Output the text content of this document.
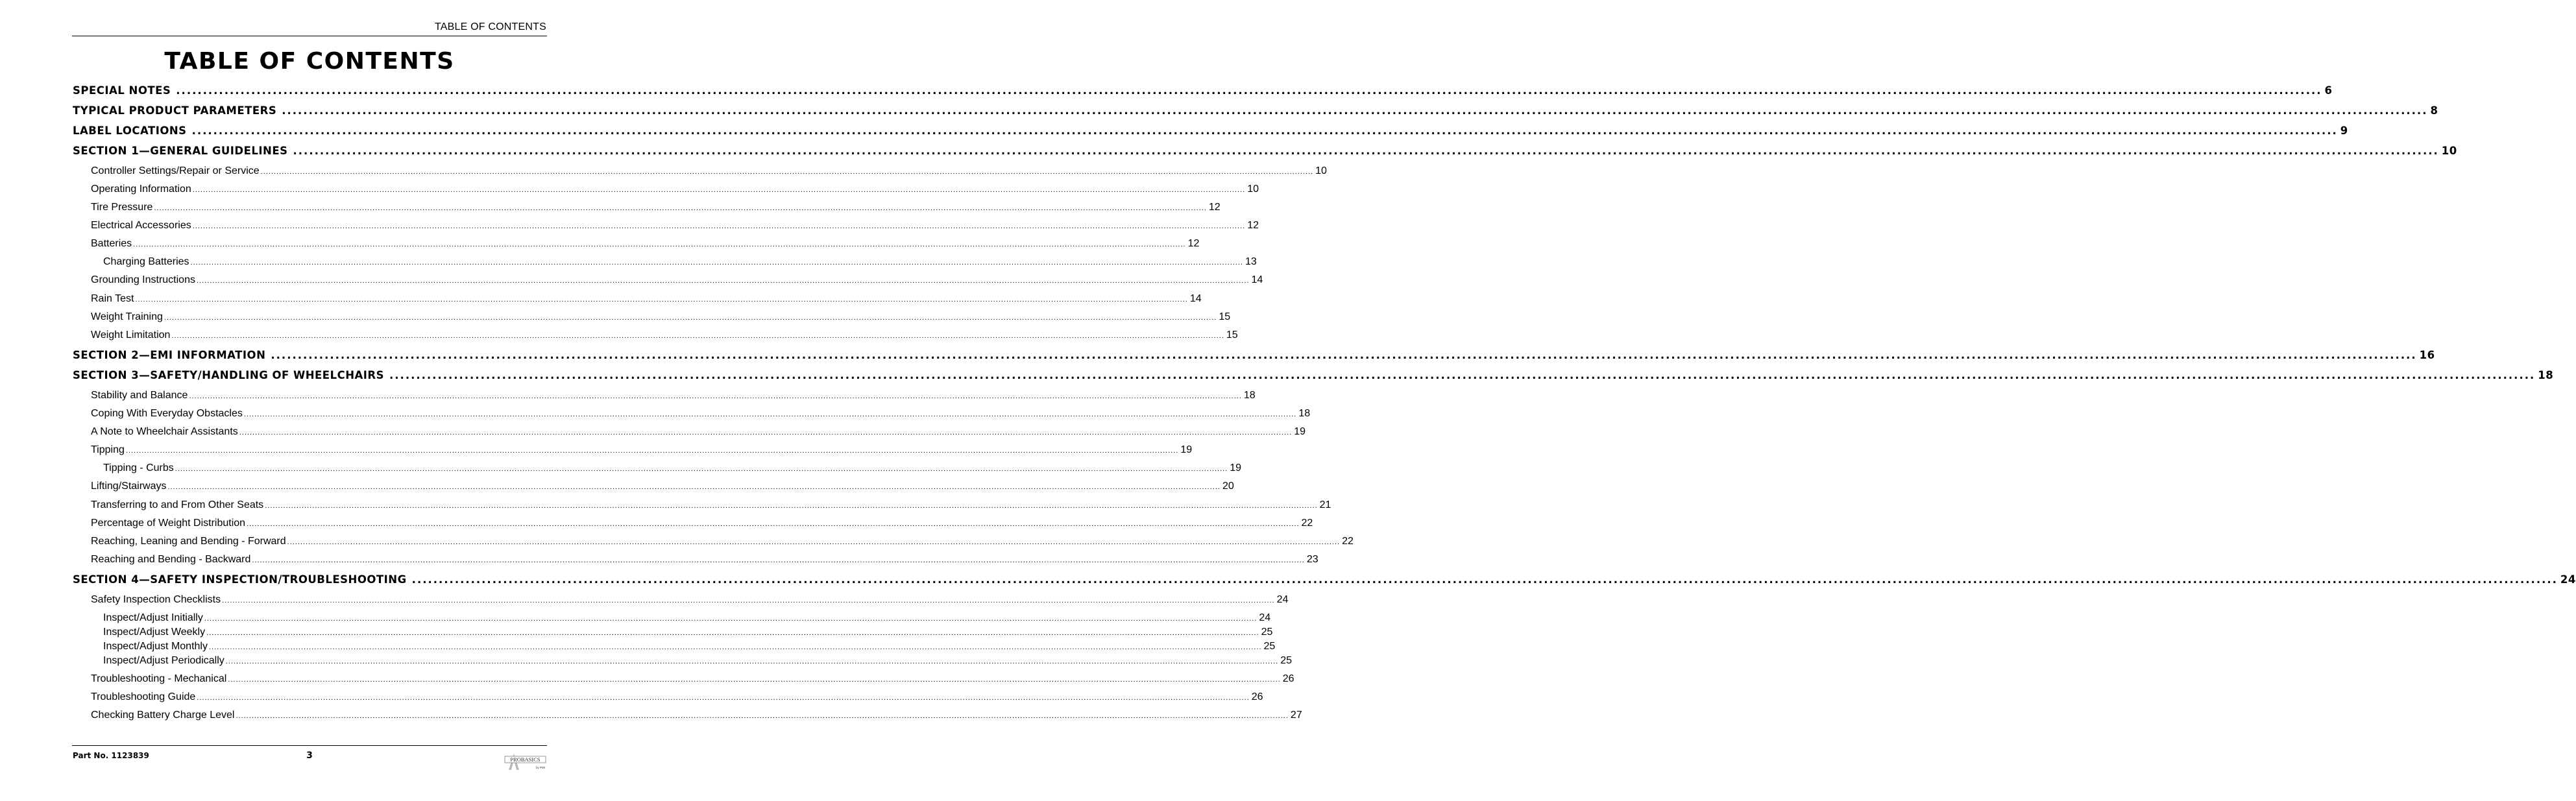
TABLE OF CONTENTS
TABLE OF CONTENTS
SPECIAL NOTES ................................................................................................................................................................................................................................................................................................................................................................................................................ 6
TYPICAL PRODUCT PARAMETERS ................................................................................................................................................................................................................................................................................................................................................................................................................ 8
LABEL LOCATIONS ................................................................................................................................................................................................................................................................................................................................................................................................................ 9
SECTION 1—GENERAL GUIDELINES ................................................................................................................................................................................................................................................................................................................................................................................................................ 10
Controller Settings/Repair or Service ................................................................................................................................................................................................................................................................................................................................................................................................................ 10
Operating Information ................................................................................................................................................................................................................................................................................................................................................................................................................ 10
Tire Pressure ................................................................................................................................................................................................................................................................................................................................................................................................................ 12
Electrical Accessories ................................................................................................................................................................................................................................................................................................................................................................................................................ 12
Batteries ................................................................................................................................................................................................................................................................................................................................................................................................................ 12
Charging Batteries ................................................................................................................................................................................................................................................................................................................................................................................................................ 13
Grounding Instructions ................................................................................................................................................................................................................................................................................................................................................................................................................ 14
Rain Test ................................................................................................................................................................................................................................................................................................................................................................................................................ 14
Weight Training ................................................................................................................................................................................................................................................................................................................................................................................................................ 15
Weight Limitation ................................................................................................................................................................................................................................................................................................................................................................................................................ 15
SECTION 2—EMI INFORMATION ................................................................................................................................................................................................................................................................................................................................................................................................................ 16
SECTION 3—SAFETY/HANDLING OF WHEELCHAIRS ................................................................................................................................................................................................................................................................................................................................................................................................................ 18
Stability and Balance ................................................................................................................................................................................................................................................................................................................................................................................................................ 18
Coping With Everyday Obstacles ................................................................................................................................................................................................................................................................................................................................................................................................................ 18
A Note to Wheelchair Assistants ................................................................................................................................................................................................................................................................................................................................................................................................................ 19
Tipping ................................................................................................................................................................................................................................................................................................................................................................................................................ 19
Tipping - Curbs ................................................................................................................................................................................................................................................................................................................................................................................................................ 19
Lifting/Stairways ................................................................................................................................................................................................................................................................................................................................................................................................................ 20
Transferring to and From Other Seats ................................................................................................................................................................................................................................................................................................................................................................................................................ 21
Percentage of Weight Distribution ................................................................................................................................................................................................................................................................................................................................................................................................................ 22
Reaching, Leaning and Bending - Forward ................................................................................................................................................................................................................................................................................................................................................................................................................ 22
Reaching and Bending - Backward ................................................................................................................................................................................................................................................................................................................................................................................................................ 23
SECTION 4—SAFETY INSPECTION/TROUBLESHOOTING ................................................................................................................................................................................................................................................................................................................................................................................................................ 24
Safety Inspection Checklists ................................................................................................................................................................................................................................................................................................................................................................................................................ 24
Inspect/Adjust Initially ................................................................................................................................................................................................................................................................................................................................................................................................................ 24
Inspect/Adjust Weekly ................................................................................................................................................................................................................................................................................................................................................................................................................ 25
Inspect/Adjust Monthly ................................................................................................................................................................................................................................................................................................................................................................................................................ 25
Inspect/Adjust Periodically ................................................................................................................................................................................................................................................................................................................................................................................................................ 25
Troubleshooting - Mechanical ................................................................................................................................................................................................................................................................................................................................................................................................................ 26
Troubleshooting Guide ................................................................................................................................................................................................................................................................................................................................................................................................................ 26
Checking Battery Charge Level ................................................................................................................................................................................................................................................................................................................................................................................................................ 27
Part No. 1123839	3	PROBASICS
by PMI
